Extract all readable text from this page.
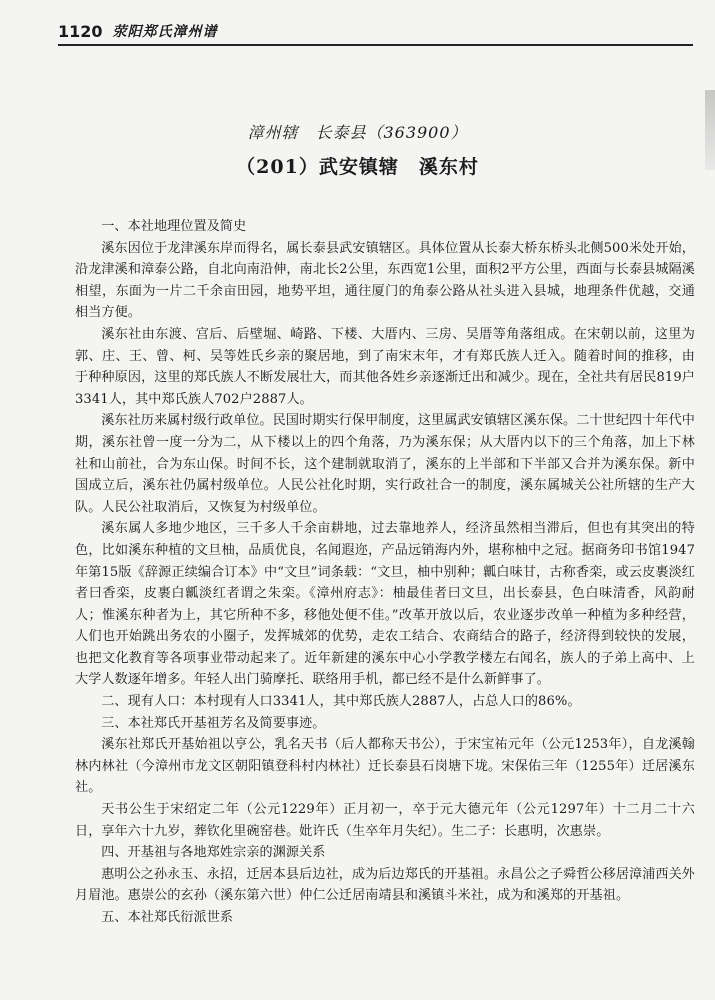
1120 荥阳郑氏漳州谱
漳州辖　长泰县（363900）
（201）武安镇辖　溪东村

一、本社地理位置及简史

溪东因位于龙津溪东岸而得名，属长泰县武安镇辖区。具体位置从长泰大桥东桥头北侧500米处开始，沿龙津溪和漳泰公路，自北向南沿伸，南北长2公里，东西宽1公里，面积2平方公里，西面与长泰县城隔溪相望，东面为一片二千余亩田园，地势平坦，通往厦门的角泰公路从社头进入县城，地理条件优越，交通相当方便。

溪东社由东渡、宫后、后壁堀、崎路、下楼、大厝内、三房、吴厝等角落组成。在宋朝以前，这里为郭、庄、王、曾、柯、吴等姓氏乡亲的聚居地，到了南宋末年，才有郑氏族人迁入。随着时间的推移，由于种种原因，这里的郑氏族人不断发展壮大，而其他各姓乡亲逐渐迁出和减少。现在，全社共有居民819户3341人，其中郑氏族人702户2887人。

溪东社历来属村级行政单位。民国时期实行保甲制度，这里属武安镇辖区溪东保。二十世纪四十年代中期，溪东社曾一度一分为二，从下楼以上的四个角落，乃为溪东保；从大厝内以下的三个角落，加上下林社和山前社，合为东山保。时间不长，这个建制就取消了，溪东的上半部和下半部又合并为溪东保。新中国成立后，溪东社仍属村级单位。人民公社化时期，实行政社合一的制度，溪东属城关公社所辖的生产大队。人民公社取消后，又恢复为村级单位。

溪东属人多地少地区，三千多人千余亩耕地，过去靠地养人，经济虽然相当滞后，但也有其突出的特色，比如溪东种植的文旦柚，品质优良，名闻遐迩，产品远销海内外，堪称柚中之冠。据商务印书馆1947年第15版《辞源正续编合订本》中“文旦”词条载：“文旦，柚中别种；瓤白味甘，古称香栾，或云皮裹淡红者曰香栾，皮裹白瓤淡红者谓之朱栾。《漳州府志》：柚最佳者曰文旦，出长泰县，色白味清香，风韵耐人；惟溪东种者为上，其它所种不多，移他处便不佳。”改革开放以后，农业逐步改单一种植为多种经营，人们也开始跳出务农的小圈子，发挥城郊的优势，走农工结合、农商结合的路子，经济得到较快的发展，也把文化教育等各项事业带动起来了。近年新建的溪东中心小学教学楼左右闻名，族人的子弟上高中、上大学人数逐年增多。年轻人出门骑摩托、联络用手机，都已经不是什么新鲜事了。

二、现有人口：本村现有人口3341人，其中郑氏族人2887人，占总人口的86%。

三、本社郑氏开基祖芳名及简要事迹。

溪东社郑氏开基始祖以亨公，乳名天书（后人都称天书公），于宋宝祐元年（公元1253年），自龙溪翰林内林社（今漳州市龙文区朝阳镇登科村内林社）迁长泰县石岗塘下垅。宋保佑三年（1255年）迁居溪东社。

天书公生于宋绍定二年（公元1229年）正月初一，卒于元大德元年（公元1297年）十二月二十六日，享年六十九岁，葬钦化里碗窑巷。妣许氏（生卒年月失纪）。生二子：长惠明，次惠崇。

四、开基祖与各地郑姓宗亲的渊源关系

惠明公之孙永玉、永招，迁居本县后边社，成为后边郑氏的开基祖。永昌公之子舜哲公移居漳浦西关外月眉池。惠崇公的玄孙（溪东第六世）仲仁公迁居南靖县和溪镇斗米社，成为和溪郑的开基祖。

五、本社郑氏衍派世系
